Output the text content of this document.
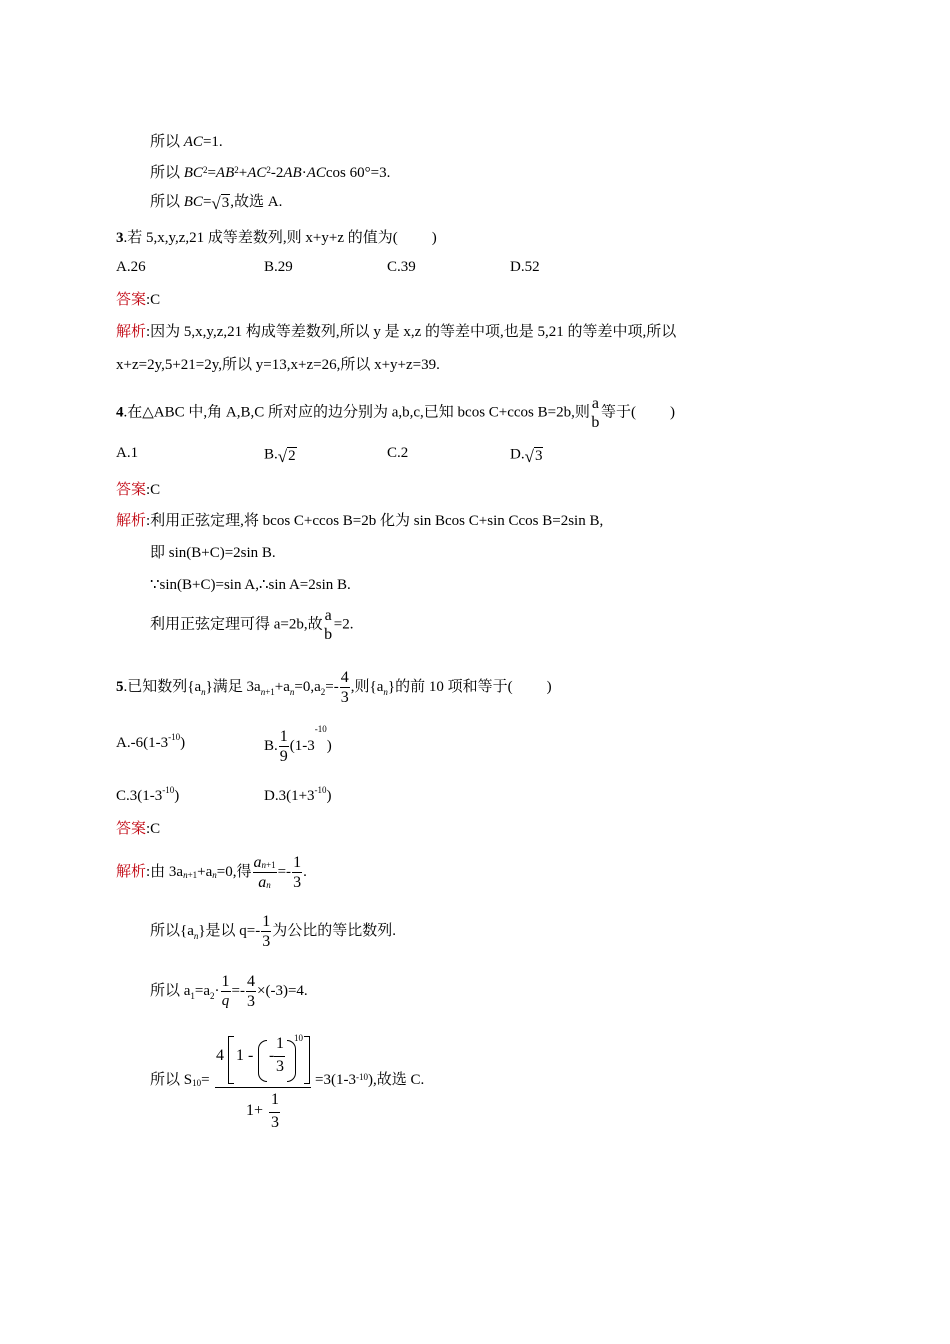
所以 AC=1.
所以 $BC^2=AB^2+AC^2-2AB\cdot ACcos$ 60°=3.
所以 BC=√3,故选 A.
3.若 5,x,y,z,21 成等差数列,则 x+y+z 的值为( )
A.26	B.29	C.39	D.52
答案:C
解析:因为 5,x,y,z,21 构成等差数列,所以 y 是 x,z 的等差中项,也是 5,21 的等差中项,所以
x+z=2y,5+21=2y,所以 y=13,x+z=26,所以 x+y+z=39.
4.在△ABC 中,角 A,B,C 所对应的边分别为 a,b,c,已知 bcos C+ccos B=2b,则
a
b
等于( )
A.1	B.√2	C.2	D.√3
答案:C
解析:利用正弦定理,将 bcos C+ccos B=2b 化为 sin Bcos C+sin Ccos B=2sin B,
即 sin(B+C)=2sin B.
∵sin(B+C)=sin A,∴sin A=2sin B.
利用正弦定理可得 a=2b,故
a
b
=2.
5.已知数列$\{a_n\}$满足 $3a_{n+1}+a_n=0,a_2=- \frac{4}{3}$ ,则$\{a_n\}$的前 10 项和等于( )
$A.-6(1-3^{-10})$	B. $\frac{1}{9} (1-3^{-10})$
$C.3(1-3^{-10})$	$D.3(1+3^{-10})$
答案:C
解析:由 $3a_{n+1}+a_n=0$,得 $\frac{a_{n+1}}{a_n} =- \frac{1}{3}$ .
所以$\{a_n\}$是以 $q=- \frac{1}{3}$ 为公比的等比数列.
所以 $a_1=a_2\cdot \frac{1}{q} =- \frac{4}{3} \times(-3)=4$.
所以 $S_{10}=$
4 1 - -
1
3
10
1+
1
3
$=3(1-3^{-10})$,故选 C.
